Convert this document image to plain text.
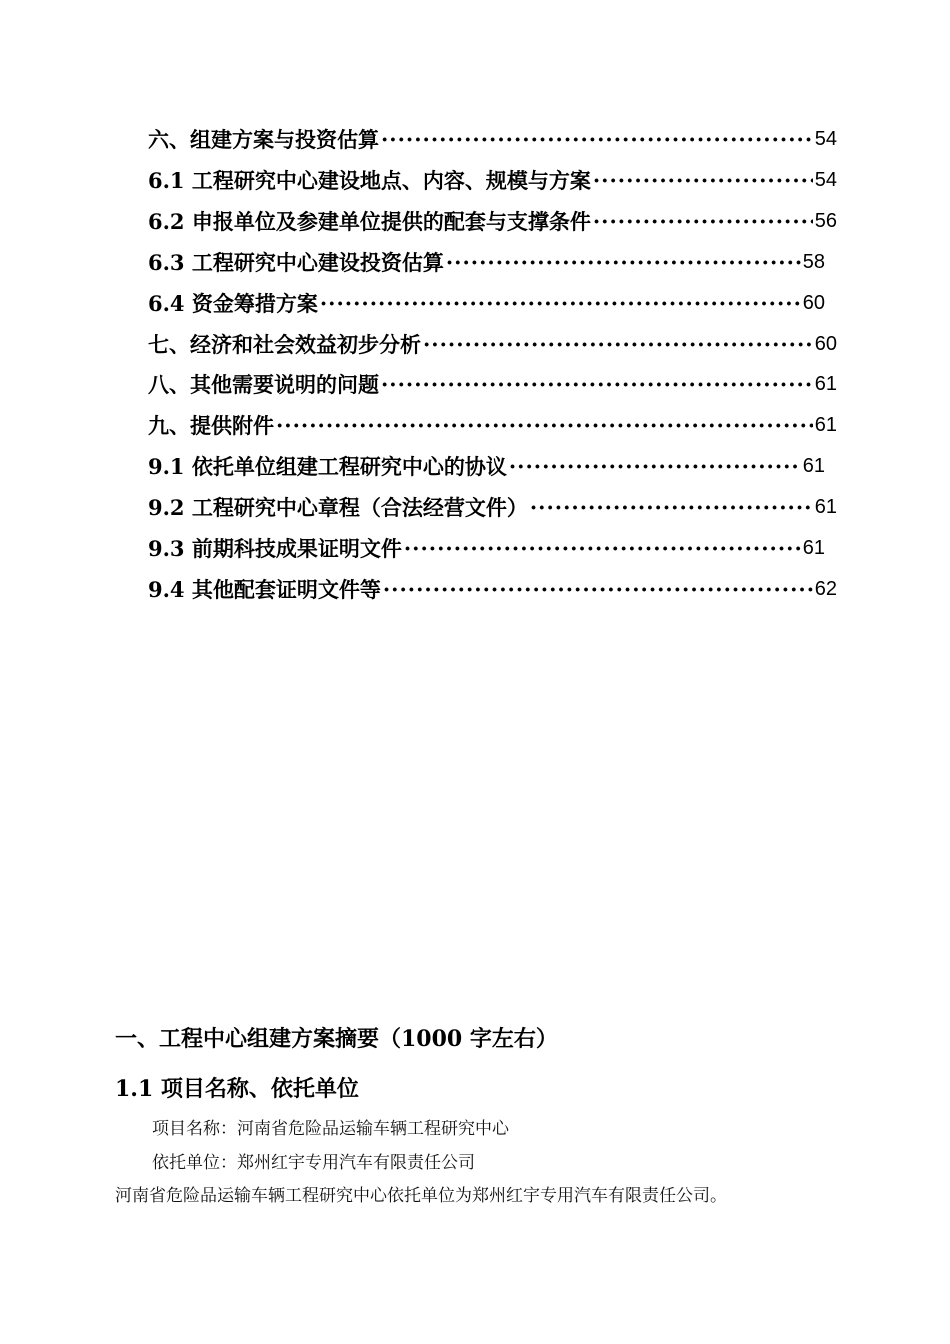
六、组建方案与投资估算 ·····	54
6.1 工程研究中心建设地点、内容、规模与方案 ·····	54
6.2 申报单位及参建单位提供的配套与支撑条件 ·····	56
6.3 工程研究中心建设投资估算 ·····	58
6.4 资金筹措方案 ·····	60
七、经济和社会效益初步分析 ·····	60
八、其他需要说明的问题 ·····	61
九、提供附件 ·····	61
9.1 依托单位组建工程研究中心的协议 ·····	61
9.2 工程研究中心章程（合法经营文件） ·····	61
9.3 前期科技成果证明文件 ·····	61
9.4 其他配套证明文件等 ·····	62
一、工程中心组建方案摘要（1000 字左右）
1.1 项目名称、依托单位
项目名称：河南省危险品运输车辆工程研究中心
依托单位：郑州红宇专用汽车有限责任公司
河南省危险品运输车辆工程研究中心依托单位为郑州红宇专用汽车有限责任公司。
